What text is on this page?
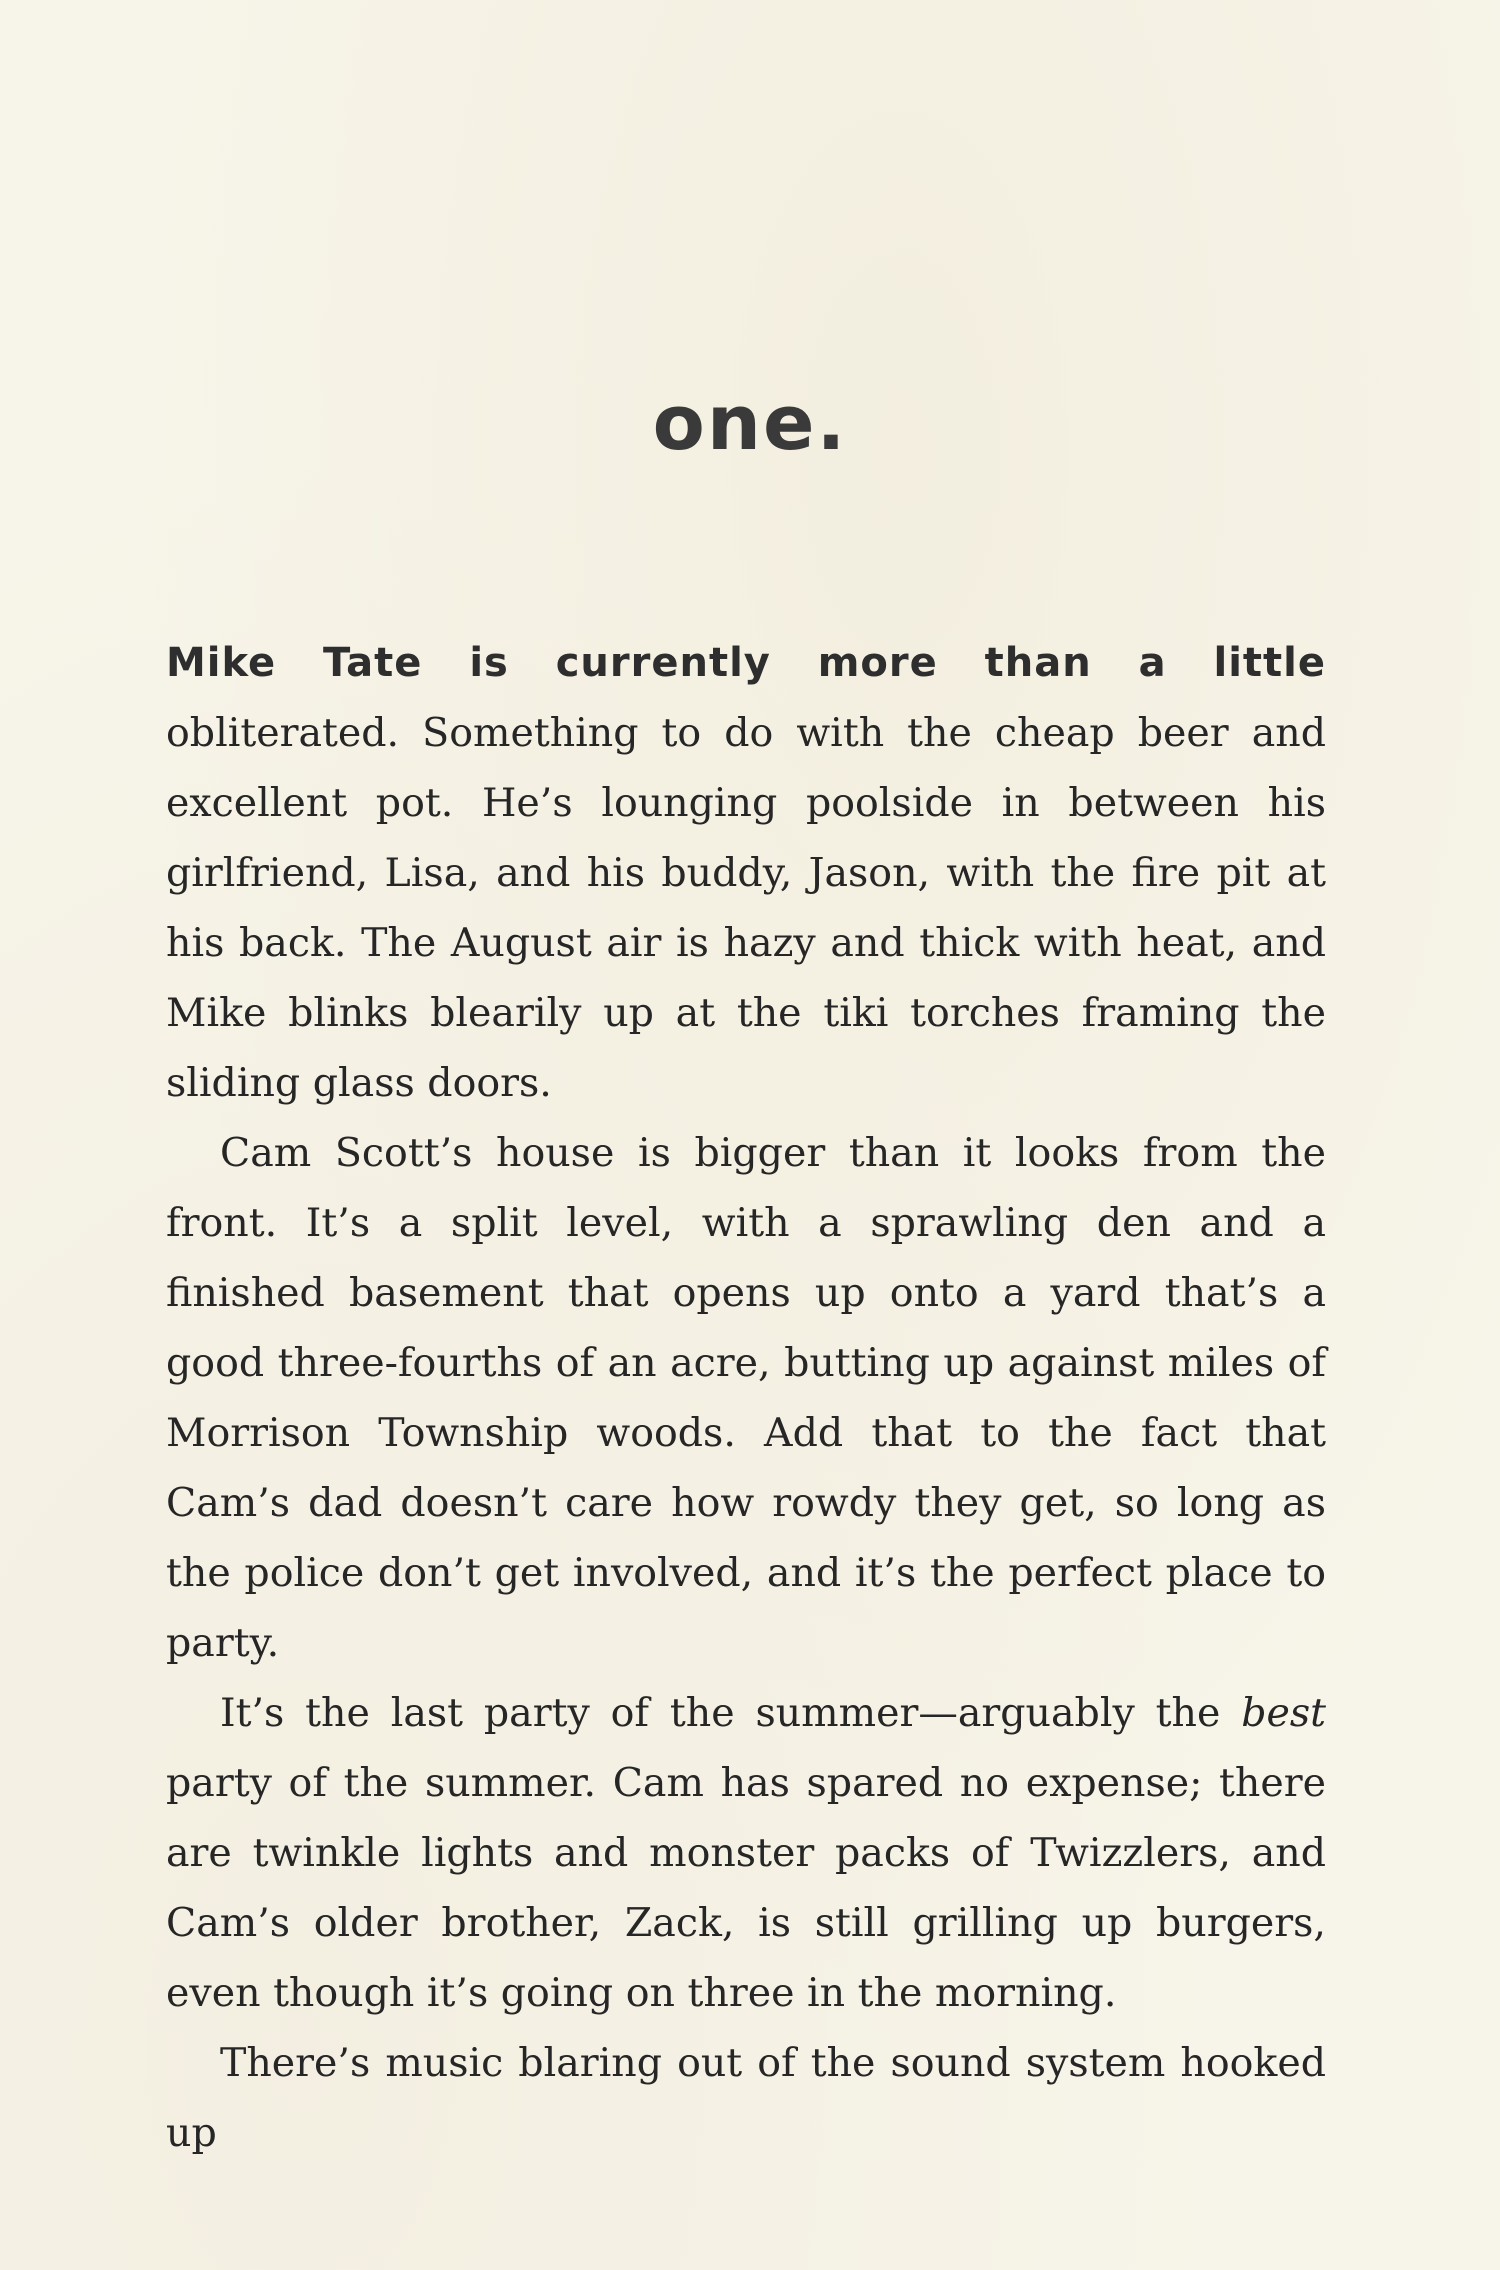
one.

Mike Tate is currently more than a little obliterated. Something to do with the cheap beer and excellent pot. He’s lounging poolside in between his girlfriend, Lisa, and his buddy, Jason, with the fire pit at his back. The August air is hazy and thick with heat, and Mike blinks blearily up at the tiki torches framing the sliding glass doors.

Cam Scott’s house is bigger than it looks from the front. It’s a split level, with a sprawling den and a finished basement that opens up onto a yard that’s a good three-fourths of an acre, butting up against miles of Morrison Township woods. Add that to the fact that Cam’s dad doesn’t care how rowdy they get, so long as the police don’t get involved, and it’s the perfect place to party.

It’s the last party of the summer—arguably the best party of the summer. Cam has spared no expense; there are twinkle lights and monster packs of Twizzlers, and Cam’s older brother, Zack, is still grilling up burgers, even though it’s going on three in the morning.

There’s music blaring out of the sound system hooked up
